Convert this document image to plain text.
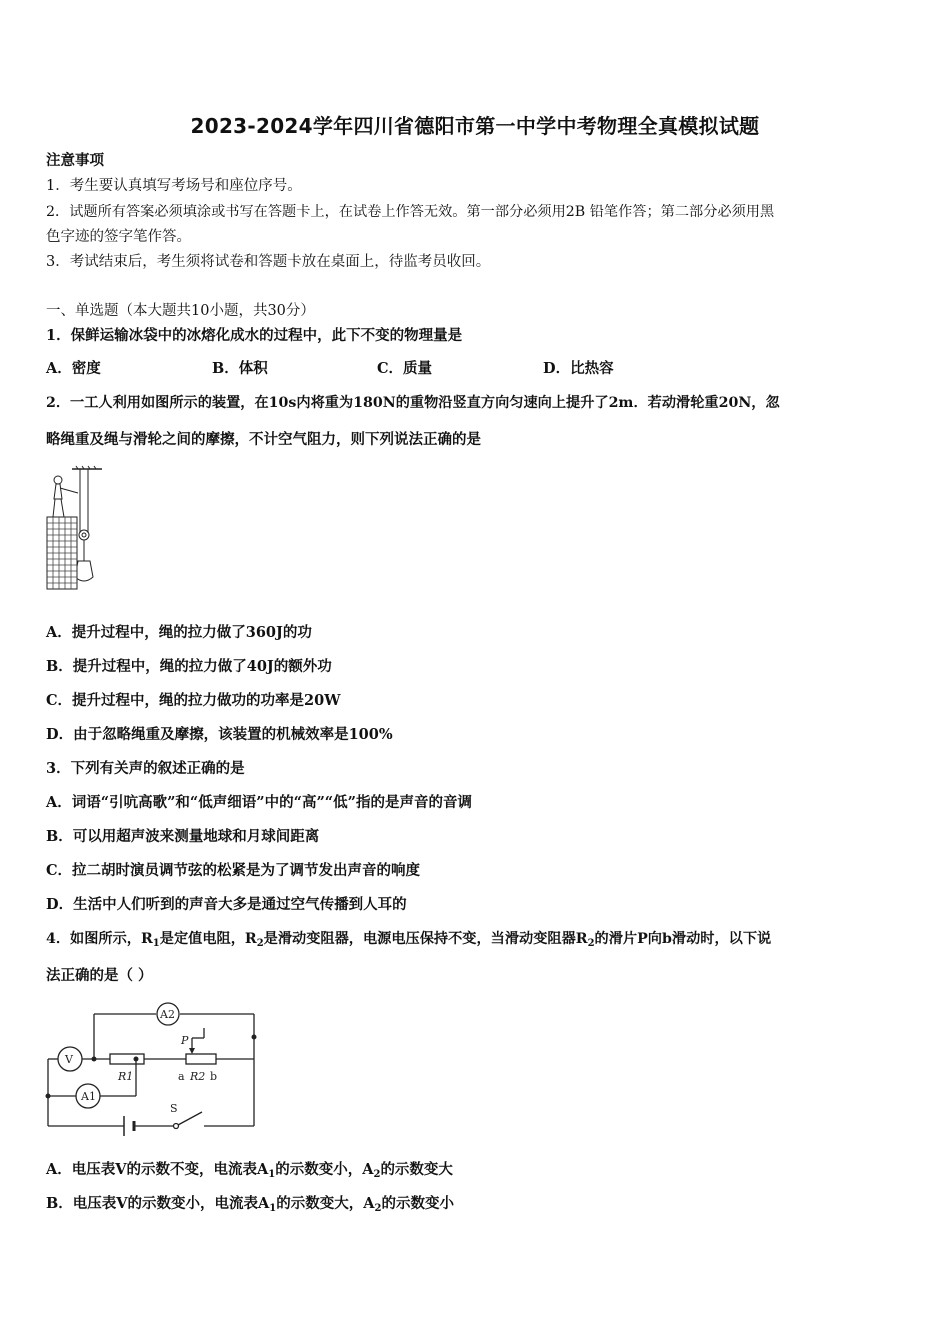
2023-2024学年四川省德阳市第一中学中考物理全真模拟试题
注意事项
1．考生要认真填写考场号和座位序号。
2．试题所有答案必须填涂或书写在答题卡上，在试卷上作答无效。第一部分必须用2B 铅笔作答；第二部分必须用黑
色字迹的签字笔作答。
3．考试结束后，考生须将试卷和答题卡放在桌面上，待监考员收回。
一、单选题（本大题共10小题，共30分）
1．保鲜运输冰袋中的冰熔化成水的过程中，此下不变的物理量是
A．密度	B．体积	C．质量	D．比热容
2．一工人利用如图所示的装置，在10s内将重为180N的重物沿竖直方向匀速向上提升了2m．若动滑轮重20N，忽
略绳重及绳与滑轮之间的摩擦，不计空气阻力，则下列说法正确的是
A．提升过程中，绳的拉力做了360J的功
B．提升过程中，绳的拉力做了40J的额外功
C．提升过程中，绳的拉力做功的功率是20W
D．由于忽略绳重及摩擦，该装置的机械效率是100%
3．下列有关声的叙述正确的是
A．词语“引吭高歌”和“低声细语”中的“高”“低”指的是声音的音调
B．可以用超声波来测量地球和月球间距离
C．拉二胡时演员调节弦的松紧是为了调节发出声音的响度
D．生活中人们听到的声音大多是通过空气传播到人耳的
4．如图所示，$R_1$是定值电阻，$R_2$是滑动变阻器，电源电压保持不变，当滑动变阻器$R_2$的滑片P向b滑动时，以下说
法正确的是（ ）
A2
V
A1
R1
P
a R2 b
S
A．电压表V的示数不变，电流表$A_1$的示数变小，$A_2$的示数变大
B．电压表V的示数变小，电流表$A_1$的示数变大，$A_2$的示数变小
